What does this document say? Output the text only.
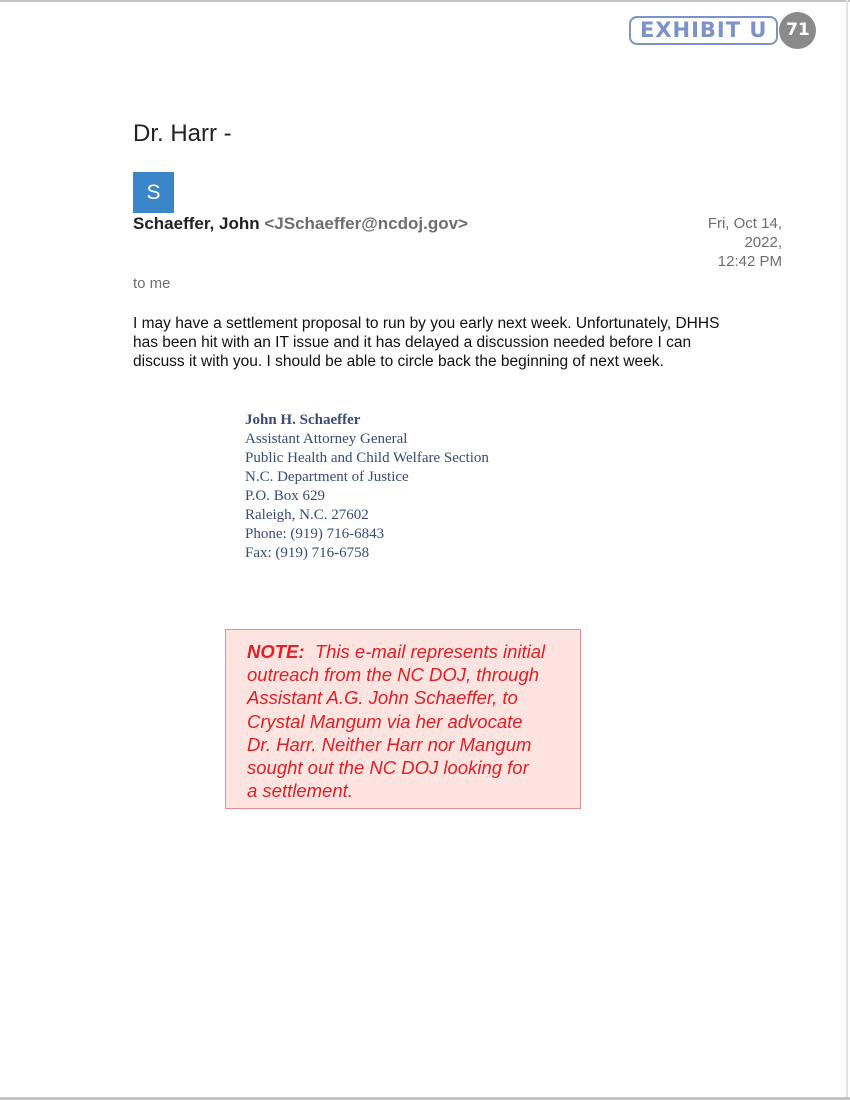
EXHIBIT U	71
Dr. Harr -
S
Schaeffer, John <JSchaeffer@ncdoj.gov>	Fri, Oct 14,
2022,
12:42 PM
to me
I may have a settlement proposal to run by you early next week. Unfortunately, DHHS
has been hit with an IT issue and it has delayed a discussion needed before I can
discuss it with you. I should be able to circle back the beginning of next week.
John H. Schaeffer
Assistant Attorney General
Public Health and Child Welfare Section
N.C. Department of Justice
P.O. Box 629
Raleigh, N.C. 27602
Phone: (919) 716-6843
Fax: (919) 716-6758
NOTE:  This e-mail represents initial
outreach from the NC DOJ, through
Assistant A.G. John Schaeffer, to
Crystal Mangum via her advocate
Dr. Harr. Neither Harr nor Mangum
sought out the NC DOJ looking for
a settlement.
